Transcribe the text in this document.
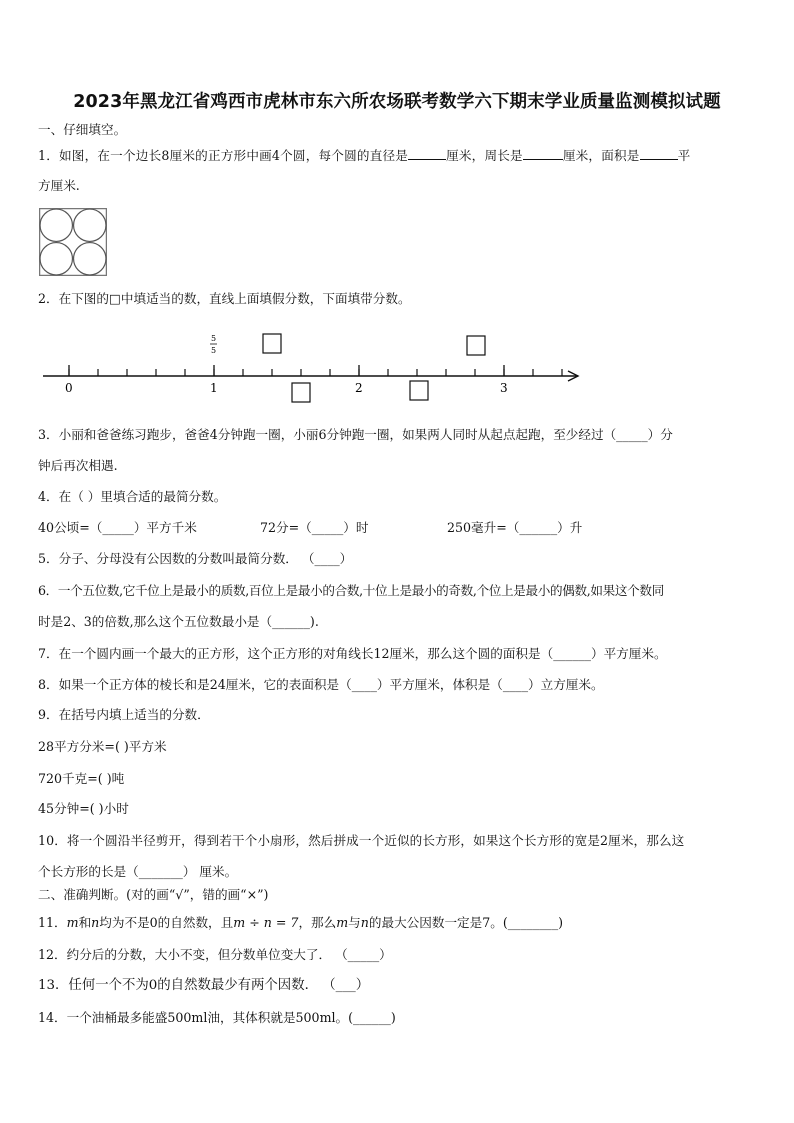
2023年黑龙江省鸡西市虎林市东六所农场联考数学六下期末学业质量监测模拟试题
一、仔细填空。
1．如图，在一个边长8厘米的正方形中画4个圆，每个圆的直径是	厘米，周长是	厘米，面积是	平
方厘米.
2．在下图的□中填适当的数，直线上面填假分数，下面填带分数。
0	1	2	3
5
5
3．小丽和爸爸练习跑步，爸爸4分钟跑一圈，小丽6分钟跑一圈，如果两人同时从起点起跑，至少经过（_____）分
钟后再次相遇.
4．在（ ）里填合适的最简分数。
40公顷=（_____）平方千米	72分=（_____）时	250毫升=（______）升
5．分子、分母没有公因数的分数叫最简分数． （____）
6．一个五位数,它千位上是最小的质数,百位上是最小的合数,十位上是最小的奇数,个位上是最小的偶数,如果这个数同
时是2、3的倍数,那么这个五位数最小是（______).
7．在一个圆内画一个最大的正方形，这个正方形的对角线长12厘米，那么这个圆的面积是（______）平方厘米。
8．如果一个正方体的棱长和是24厘米，它的表面积是（____）平方厘米，体积是（____）立方厘米。
9．在括号内填上适当的分数．
28平方分米=( )平方米
720千克=( )吨
45分钟=( )小时
10．将一个圆沿半径剪开，得到若干个小扇形，然后拼成一个近似的长方形，如果这个长方形的宽是2厘米，那么这
个长方形的长是（_______） 厘米。
二、准确判断。(对的画“√”，错的画“×”)
11．m和n均为不是0的自然数，且m ÷ n = 7，那么m与n的最大公因数一定是7。(________)
12．约分后的分数，大小不变，但分数单位变大了． （_____）
13．任何一个不为0的自然数最少有两个因数． （___）
14．一个油桶最多能盛500ml油，其体积就是500ml。(______)
